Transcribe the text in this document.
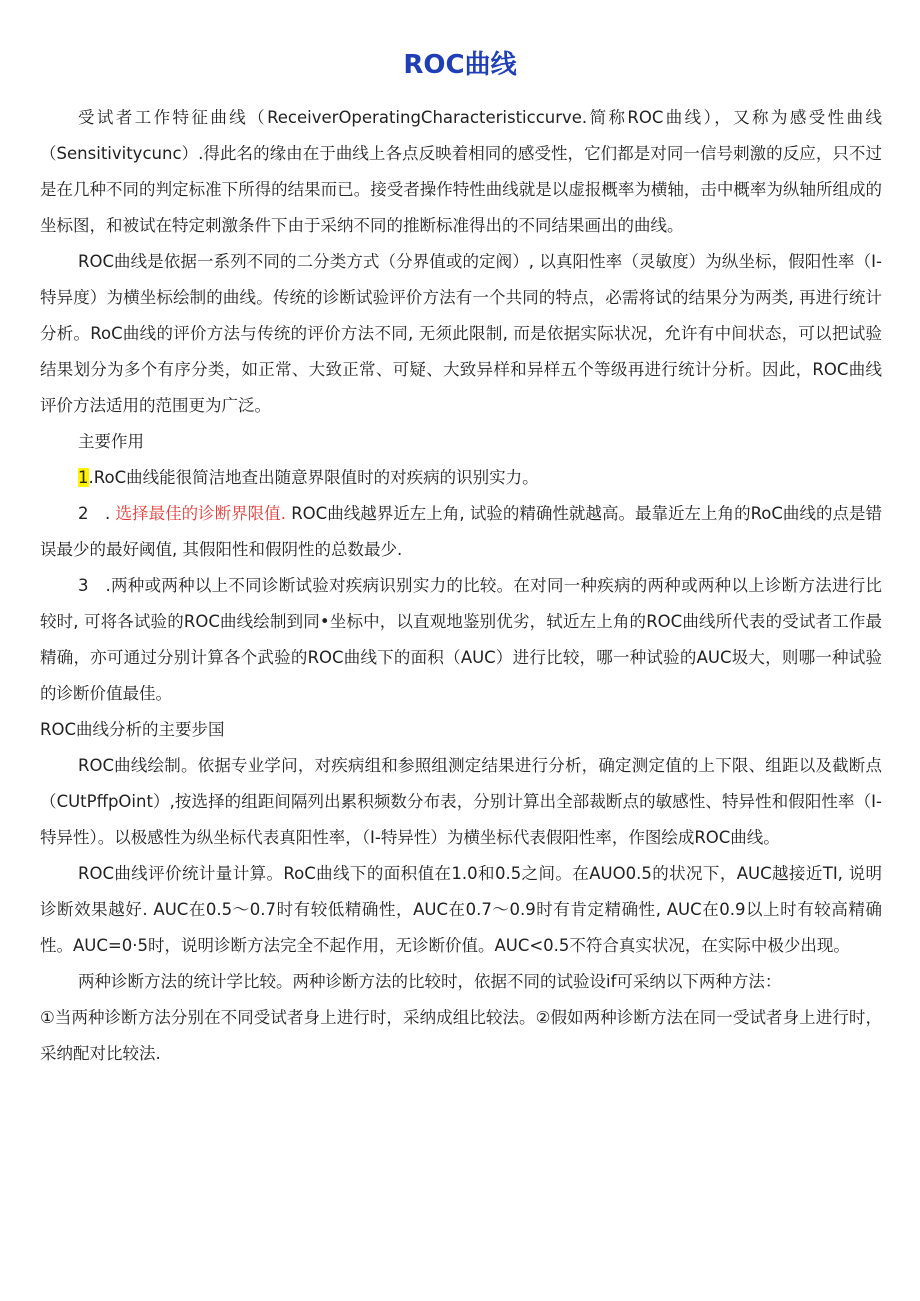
ROC曲线

受试者工作特征曲线（ReceiverOperatingCharacteristiccurve.简称ROC曲线），又称为感受性曲线（Sensitivitycunc）.得此名的缘由在于曲线上各点反映着相同的感受性，它们都是对同一信号刺激的反应，只不过是在几种不同的判定标准下所得的结果而已。接受者操作特性曲线就是以虚报概率为横轴，击中概率为纵轴所组成的坐标图，和被试在特定刺激条件下由于采纳不同的推断标准得出的不同结果画出的曲线。

ROC曲线是依据一系列不同的二分类方式（分界值或的定阀）, 以真阳性率（灵敏度）为纵坐标，假阳性率（I-特异度）为横坐标绘制的曲线。传统的诊断试验评价方法有一个共同的特点，必需将试的结果分为两类, 再进行统计分析。RoC曲线的评价方法与传统的评价方法不同, 无须此限制, 而是依据实际状况，允许有中间状态，可以把试验结果划分为多个有序分类，如正常、大致正常、可疑、大致异样和异样五个等级再进行统计分析。因此，ROC曲线评价方法适用的范围更为广泛。

主要作用

1.RoC曲线能很简洁地查出随意界限值时的对疾病的识别实力。

2　. 选择最佳的诊断界限值. ROC曲线越界近左上角, 试验的精确性就越高。最靠近左上角的RoC曲线的点是错误最少的最好阈值, 其假阳性和假阴性的总数最少.

3　.两种或两种以上不同诊断试验对疾病识别实力的比较。在对同一种疾病的两种或两种以上诊断方法进行比较时, 可将各试验的ROC曲线绘制到同•坐标中，以直观地鉴别优劣，轼近左上角的ROC曲线所代表的受试者工作最精确，亦可通过分别计算各个武验的ROC曲线下的面积（AUC）进行比较，哪一种试验的AUC圾大，则哪一种试验的诊断价值最佳。

ROC曲线分析的主要步国

ROC曲线绘制。依据专业学问，对疾病组和参照组测定结果进行分析，确定测定值的上下限、组距以及截断点（CUtPffpOint）,按选择的组距间隔列出累积频数分布表，分别计算出全部裁断点的敏感性、特异性和假阳性率（I-特异性）。以极感性为纵坐标代表真阳性率，（I-特异性）为横坐标代表假阳性率，作图绘成ROC曲线。

ROC曲线评价统计量计算。RoC曲线下的面积值在1.0和0.5之间。在AUO0.5的状况下，AUC越接近TI, 说明诊断效果越好. AUC在0.5〜0.7时有较低精确性，AUC在0.7〜0.9时有肯定精确性, AUC在0.9以上时有较高精确性。AUC=0·5时，说明诊断方法完全不起作用，无诊断价值。AUC<0.5不符合真实状况，在实际中极少出现。

两种诊断方法的统计学比较。两种诊断方法的比较时，依据不同的试验设if可采纳以下两种方法：

①当两种诊断方法分别在不同受试者身上进行时，采纳成组比较法。②假如两种诊断方法在同一受试者身上进行时，采纳配对比较法.
